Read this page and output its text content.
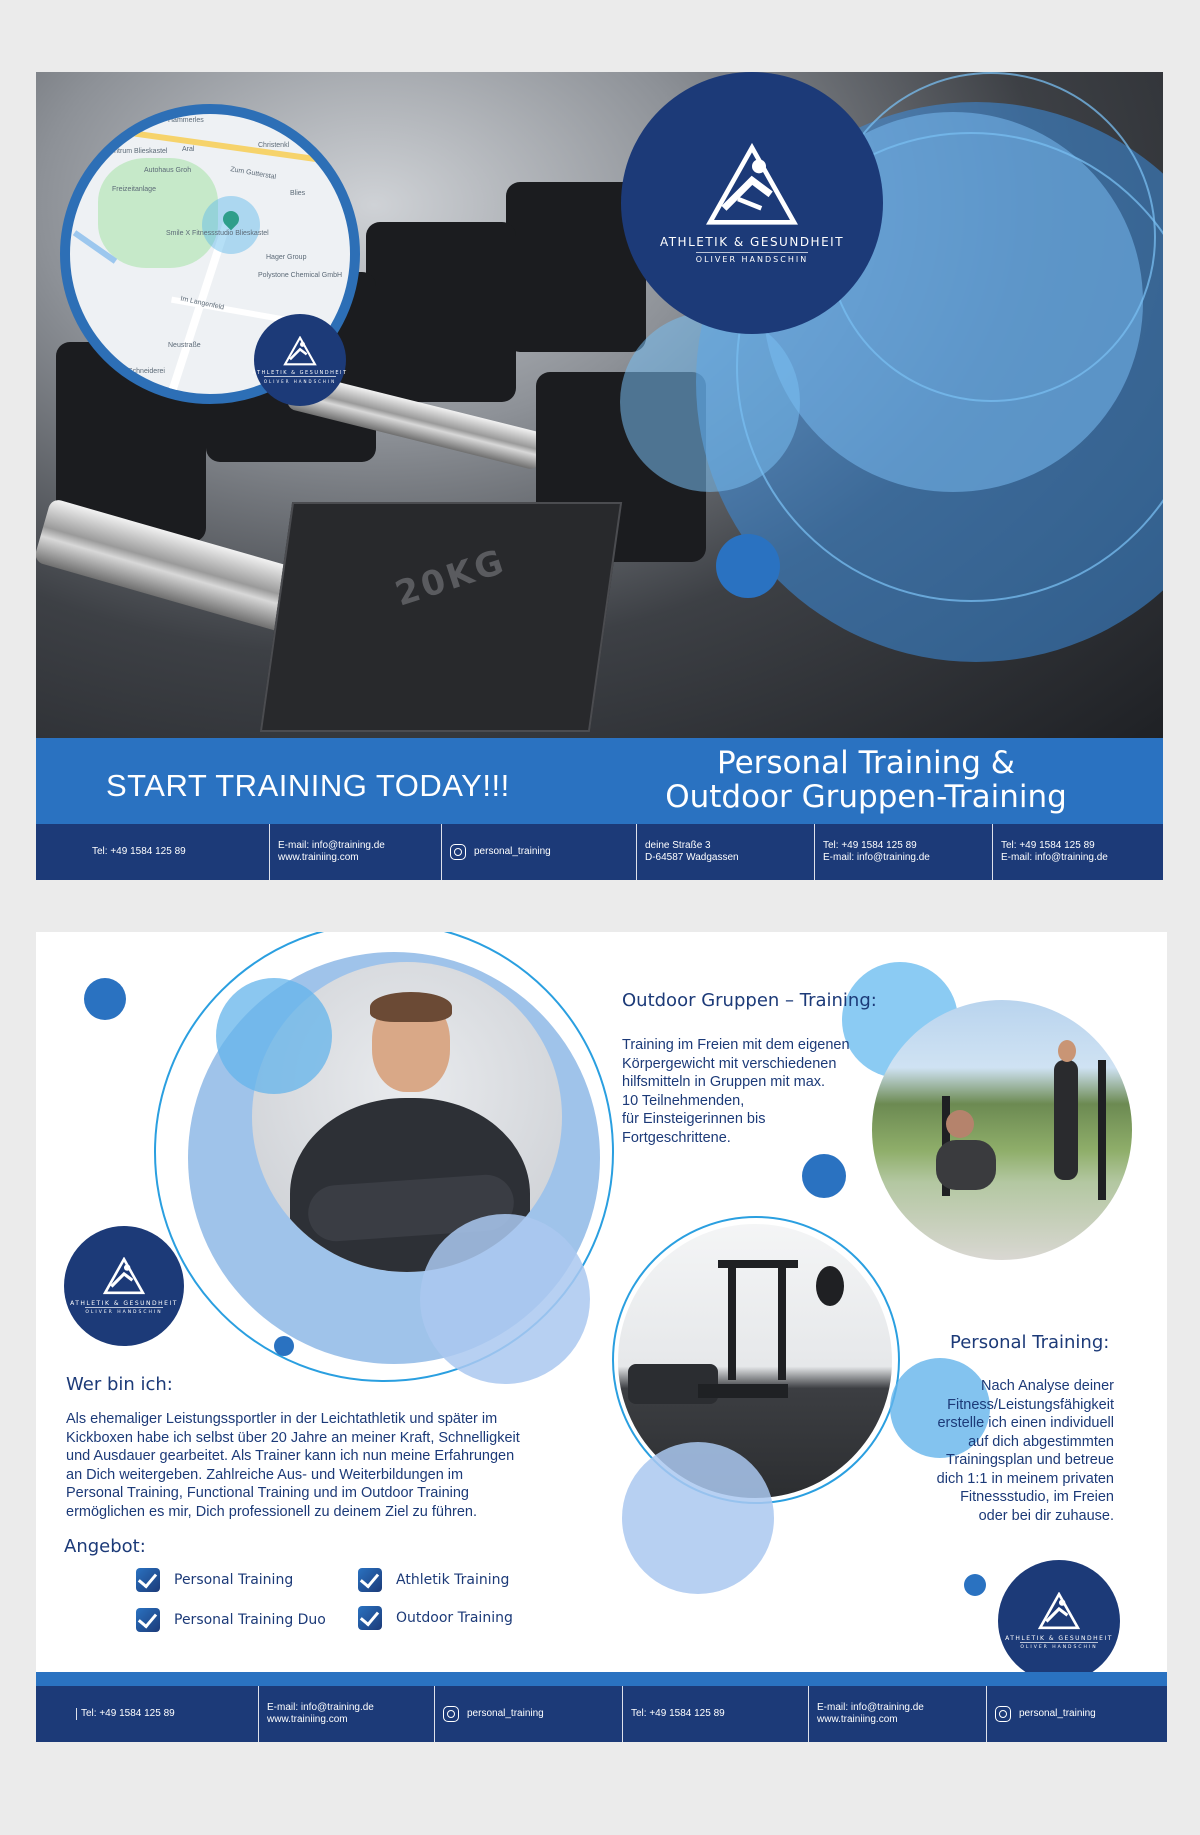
20KG
Hammerles
Christenkl
Zentrum Blieskastel Aral
Autohaus Groh
Freizeitanlage
Zum Gutterstal
Smile X Fitnessstudio Blieskastel
Hager Group
Polystone Chemical GmbH
Im Langenfeld
Neustraße
Blies
Schneiderei	ATHLETIK & GESUNDHEIT
OLIVER HANDSCHIN
ATHLETIK & GESUNDHEIT
OLIVER HANDSCHIN
START TRAINING TODAY!!!
Personal Training &
Outdoor Gruppen-Training
Tel: +49 1584 125 89
E-mail: info@training.de
www.trainiing.com
personal_training
deine Straße 3
D-64587 Wadgassen
Tel: +49 1584 125 89
E-mail: info@training.de
Tel: +49 1584 125 89
E-mail: info@training.de
ATHLETIK & GESUNDHEIT
OLIVER HANDSCHIN
ATHLETIK & GESUNDHEIT
OLIVER HANDSCHIN
Outdoor Gruppen – Training:
Training im Freien mit dem eigenen
Körpergewicht mit verschiedenen
hilfsmitteln in Gruppen mit max.
10 Teilnehmenden,
für Einsteigerinnen bis
Fortgeschrittene.
Personal Training:
Nach Analyse deiner
Fitness/Leistungsfähigkeit
erstelle ich einen individuell
auf dich abgestimmten
Trainingsplan und betreue
dich 1:1 in meinem privaten
Fitnessstudio, im Freien
oder bei dir zuhause.
Wer bin ich:
Als ehemaliger Leistungssportler in der Leichtathletik und später im
Kickboxen habe ich selbst über 20 Jahre an meiner Kraft, Schnelligkeit
und Ausdauer gearbeitet. Als Trainer kann ich nun meine Erfahrungen
an Dich weitergeben. Zahlreiche Aus- und Weiterbildungen im
Personal Training, Functional Training und im Outdoor Training
ermöglichen es mir, Dich professionell zu deinem Ziel zu führen.
Angebot:
Personal Training	Athletik Training
Personal Training Duo	Outdoor Training
Tel: +49 1584 125 89
E-mail: info@training.de
www.trainiing.com
personal_training	Tel: +49 1584 125 89
E-mail: info@training.de
www.trainiing.com
personal_training
